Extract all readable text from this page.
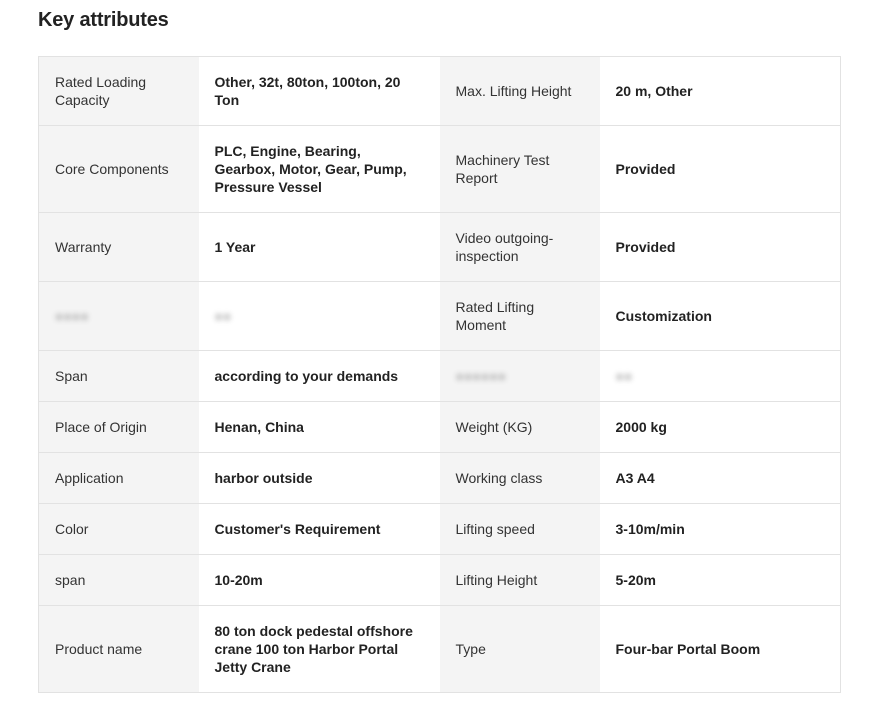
Key attributes
Rated Loading Capacity	Other, 32t, 80ton, 100ton, 20 Ton	Max. Lifting Height	20 m, Other
Core Components	PLC, Engine, Bearing, Gearbox, Motor, Gear, Pump, Pressure Vessel	Machinery Test Report	Provided
Warranty	1 Year	Video outgoing-inspection	Provided
●●●●	●●	Rated Lifting Moment	Customization
Span	according to your demands	●●●●●●	●●
Place of Origin	Henan, China	Weight (KG)	2000 kg
Application	harbor outside	Working class	A3 A4
Color	Customer's Requirement	Lifting speed	3-10m/min
span	10-20m	Lifting Height	5-20m
Product name	80 ton dock pedestal offshore crane 100 ton Harbor Portal Jetty Crane	Type	Four-bar Portal Boom
